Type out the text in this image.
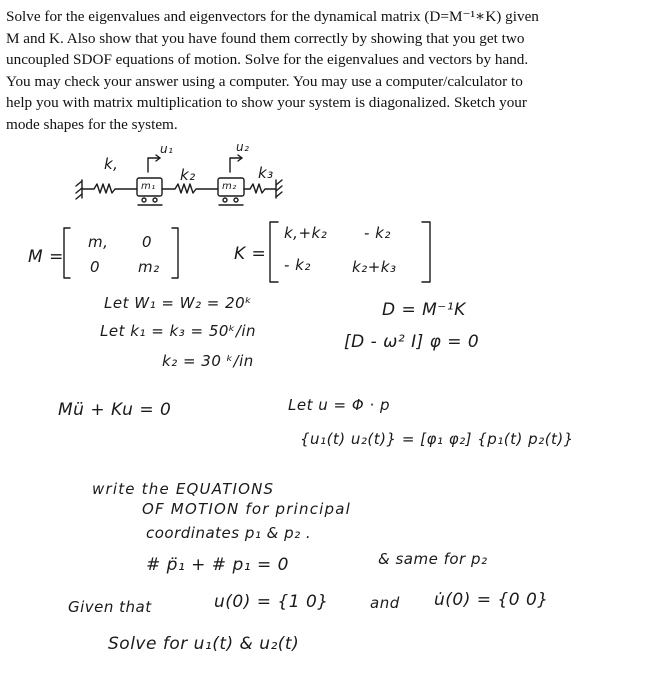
Solve for the eigenvalues and eigenvectors for the dynamical matrix (D=M⁻¹∗K) given
M and K. Also show that you have found them correctly by showing that you get two
uncoupled SDOF equations of motion. Solve for the eigenvalues and vectors by hand.
You may check your answer using a computer. You may use a computer/calculator to
help you with matrix multiplication to show your system is diagonalized. Sketch your
mode shapes for the system.
k,
k₂	k₃
u₁	u₂
m₁	m₂
M =
m, 0
0	m₂
K =
k,+k₂ - k₂
- k₂	k₂+k₃
Let W₁ = W₂ = 20ᵏ
Let k₁ = k₃ = 50ᵏ/in
k₂ = 30 ᵏ/in
D = M⁻¹K
[D - ω² I] φ = 0
Mü + Ku = 0	Let u = Φ · p
{u₁(t) u₂(t)} = [φ₁ φ₂] {p₁(t) p₂(t)}
write the EQUATIONS
OF MOTION for principal
coordinates p₁ & p₂ .
# p̈₁ + # p₁ = 0	& same for p₂
Given that	u(0) = {1 0}	and u̇(0) = {0 0}
Solve for u₁(t) & u₂(t)
